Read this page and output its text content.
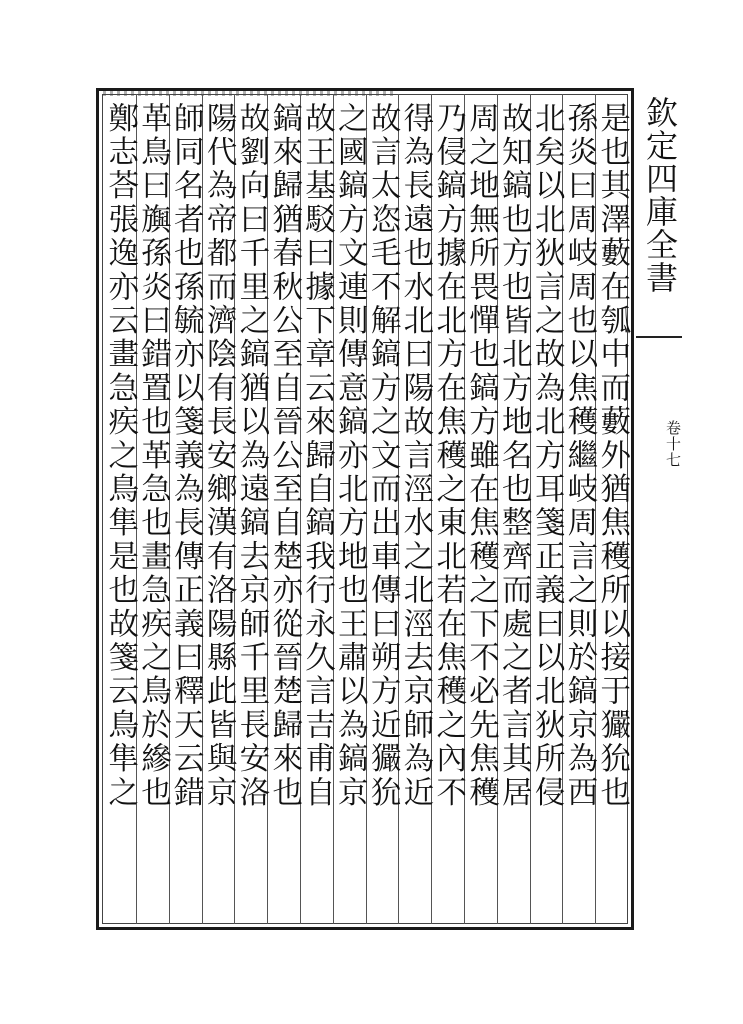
是也其澤藪在瓠中而藪外猶焦穫所以接于玁狁也
孫炎曰周岐周也以焦穫繼岐周言之則於鎬京為西
北矣以北狄言之故為北方耳箋正義曰以北狄所侵
故知鎬也方也皆北方地名也整齊而處之者言其居
周之地無所畏憚也鎬方雖在焦穫之下不必先焦穫
乃侵鎬方據在北方在焦穫之東北若在焦穫之內不
得為長遠也水北曰陽故言涇水之北涇去京師為近
故言太恣毛不解鎬方之文而出車傳曰朔方近玁狁
之國鎬方文連則傳意鎬亦北方地也王肅以為鎬京
故王基駁曰據下章云來歸自鎬我行永久言吉甫自
鎬來歸猶春秋公至自晉公至自楚亦從晉楚歸來也
故劉向曰千里之鎬猶以為遠鎬去京師千里長安洛
陽代為帝都而濟陰有長安鄉漢有洛陽縣此皆與京
師同名者也孫毓亦以箋義為長傳正義曰釋天云錯
革鳥曰旟孫炎曰錯置也革急也畫急疾之鳥於縿也
鄭志荅張逸亦云畫急疾之鳥隼是也故箋云鳥隼之	欽定四庫全書
卷十七
